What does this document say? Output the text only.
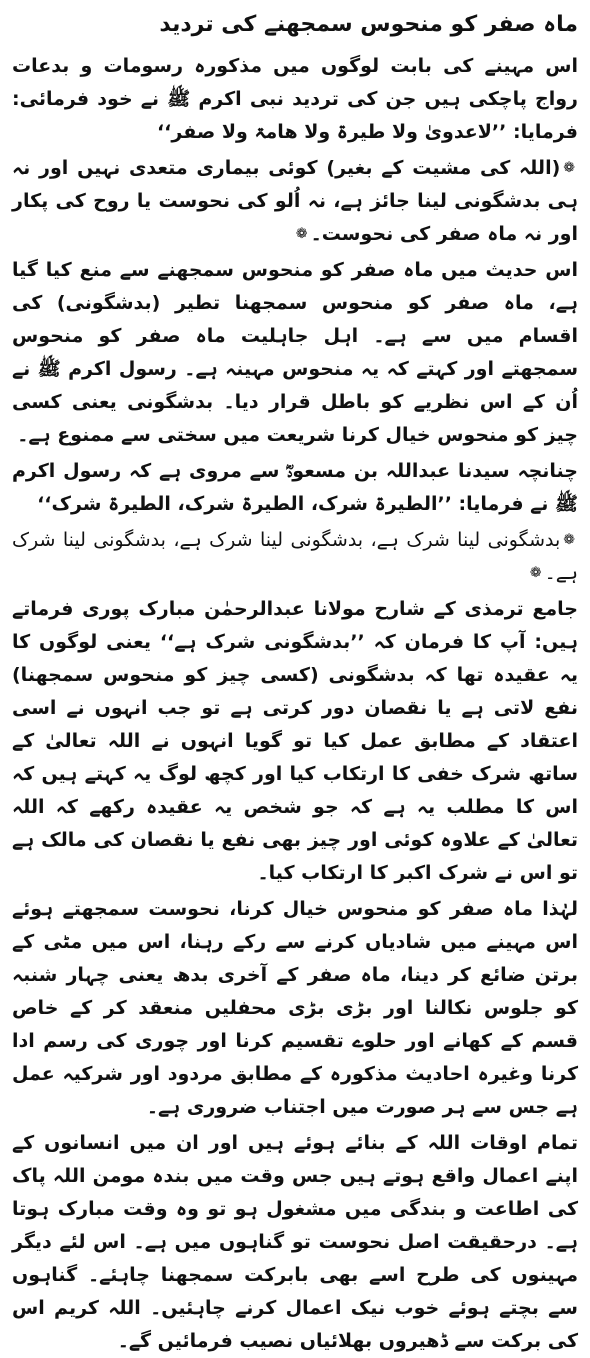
ماہ صفر کو منحوس سمجھنے کی تردید

اس مہینے کی بابت لوگوں میں مذکورہ رسومات و بدعات رواج پاچکی ہیں جن کی تردید نبی اکرم ﷺ نے خود فرمائی: فرمایا: ’’لاعدویٰ ولا طیرۃ ولا ھامۃ ولا صفر‘‘

❁(اللہ کی مشیت کے بغیر) کوئی بیماری متعدی نہیں اور نہ ہی بدشگونی لینا جائز ہے، نہ اُلو کی نحوست یا روح کی پکار اور نہ ماہ صفر کی نحوست۔❁

اس حدیث میں ماہ صفر کو منحوس سمجھنے سے منع کیا گیا ہے، ماہ صفر کو منحوس سمجھنا تطیر (بدشگونی) کی اقسام میں سے ہے۔ اہل جاہلیت ماہ صفر کو منحوس سمجھتے اور کہتے کہ یہ منحوس مہینہ ہے۔ رسول اکرم ﷺ نے اُن کے اس نظریے کو باطل قرار دیا۔ بدشگونی یعنی کسی چیز کو منحوس خیال کرنا شریعت میں سختی سے ممنوع ہے۔

چنانچہ سیدنا عبداللہ بن مسعودؓ سے مروی ہے کہ رسول اکرم ﷺ نے فرمایا: ’’الطیرۃ شرک، الطیرۃ شرک، الطیرۃ شرک‘‘

❁بدشگونی لینا شرک ہے، بدشگونی لینا شرک ہے، بدشگونی لینا شرک ہے۔❁

جامع ترمذی کے شارح مولانا عبدالرحمٰن مبارک پوری فرماتے ہیں: آپ کا فرمان کہ ’’بدشگونی شرک ہے‘‘ یعنی لوگوں کا یہ عقیدہ تھا کہ بدشگونی (کسی چیز کو منحوس سمجھنا) نفع لاتی ہے یا نقصان دور کرتی ہے تو جب انہوں نے اسی اعتقاد کے مطابق عمل کیا تو گویا انہوں نے اللہ تعالیٰ کے ساتھ شرک خفی کا ارتکاب کیا اور کچھ لوگ یہ کہتے ہیں کہ اس کا مطلب یہ ہے کہ جو شخص یہ عقیدہ رکھے کہ اللہ تعالیٰ کے علاوہ کوئی اور چیز بھی نفع یا نقصان کی مالک ہے تو اس نے شرک اکبر کا ارتکاب کیا۔

لہٰذا ماہ صفر کو منحوس خیال کرنا، نحوست سمجھتے ہوئے اس مہینے میں شادیاں کرنے سے رکے رہنا، اس میں مٹی کے برتن ضائع کر دینا، ماہ صفر کے آخری بدھ یعنی چہار شنبہ کو جلوس نکالنا اور بڑی بڑی محفلیں منعقد کر کے خاص قسم کے کھانے اور حلوے تقسیم کرنا اور چوری کی رسم ادا کرنا وغیرہ احادیث مذکورہ کے مطابق مردود اور شرکیہ عمل ہے جس سے ہر صورت میں اجتناب ضروری ہے۔

تمام اوقات اللہ کے بنائے ہوئے ہیں اور ان میں انسانوں کے اپنے اعمال واقع ہوتے ہیں جس وقت میں بندہ مومن اللہ پاک کی اطاعت و بندگی میں مشغول ہو تو وہ وقت مبارک ہوتا ہے۔ درحقیقت اصل نحوست تو گناہوں میں ہے۔ اس لئے دیگر مہینوں کی طرح اسے بھی بابرکت سمجھنا چاہئے۔ گناہوں سے بچتے ہوئے خوب نیک اعمال کرنے چاہئیں۔ اللہ کریم اس کی برکت سے ڈھیروں بھلائیاں نصیب فرمائیں گے۔
